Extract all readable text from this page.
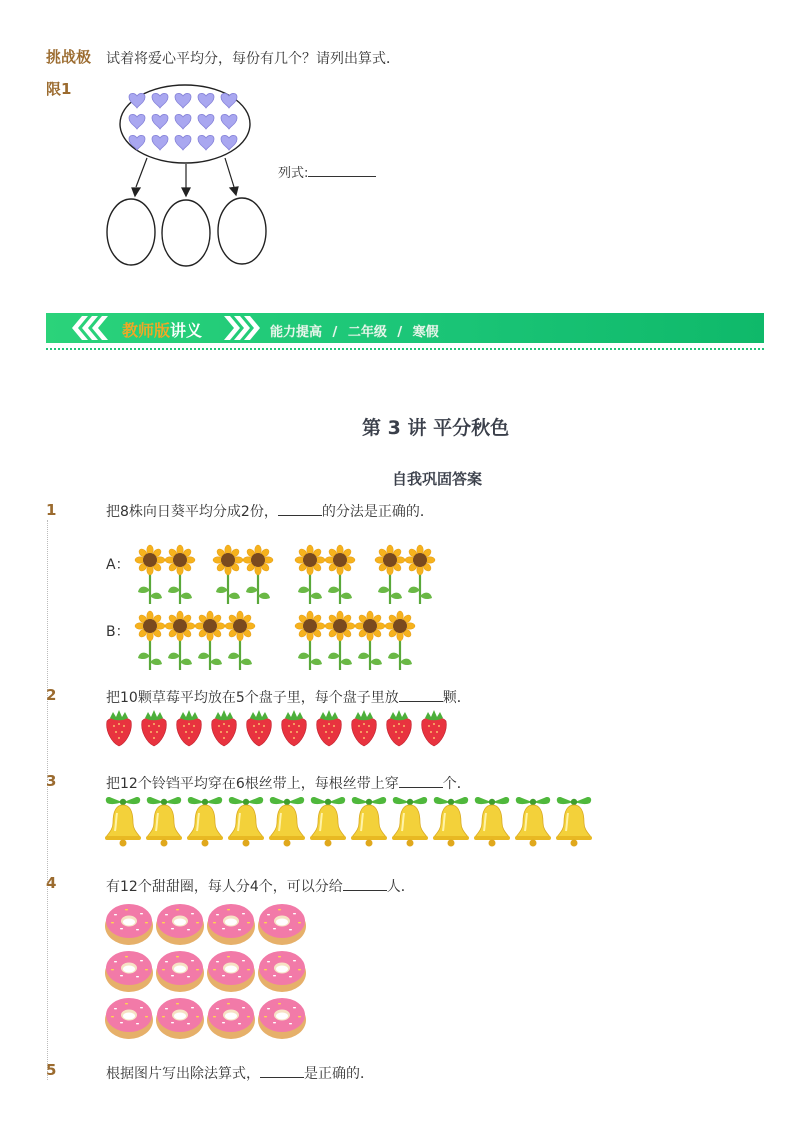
挑战极
限1
试着将爱心平均分，每份有几个？请列出算式．
列式:
教师版讲义	能力提高 / 二年级 / 寒假
第 3 讲 平分秋色
自我巩固答案
1	把8株向日葵平均分成2份，	的分法是正确的．
A：
B：
2	把10颗草莓平均放在5个盘子里，每个盘子里放	颗．
3	把12个铃铛平均穿在6根丝带上，每根丝带上穿	个．
4	有12个甜甜圈，每人分4个，可以分给	人．
5	根据图片写出除法算式，	是正确的．
